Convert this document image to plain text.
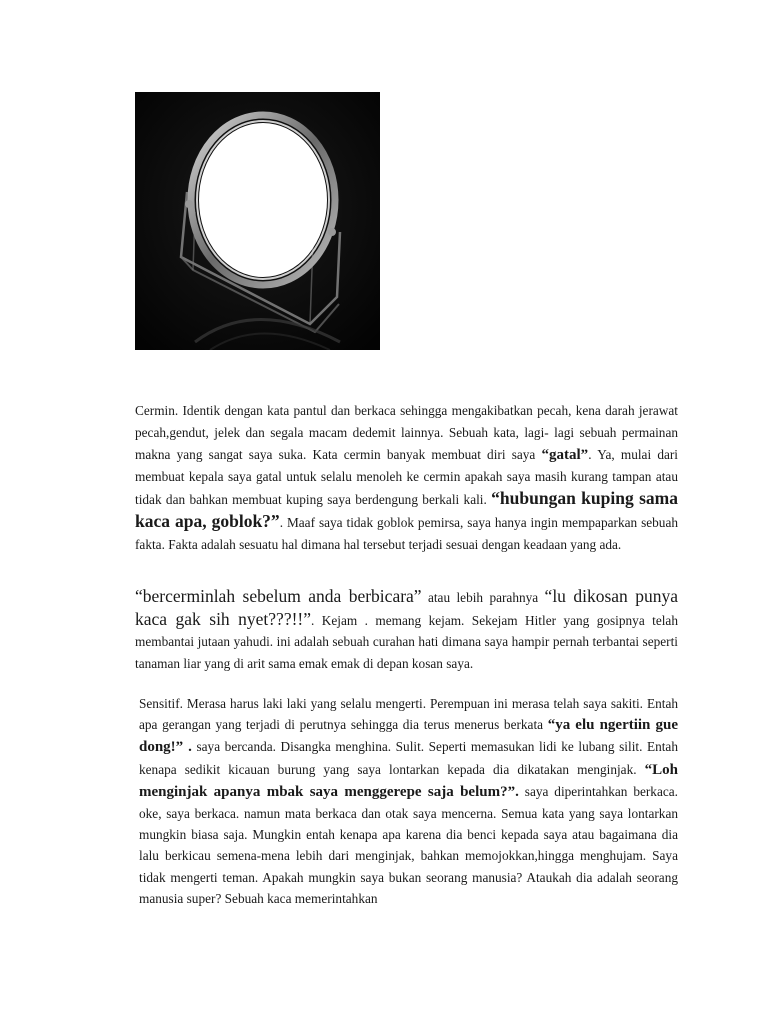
Cermin. Identik dengan kata pantul dan berkaca sehingga mengakibatkan pecah, kena darah jerawat pecah,gendut, jelek dan segala macam dedemit lainnya. Sebuah kata, lagi- lagi sebuah permainan makna yang sangat saya suka. Kata cermin banyak membuat diri saya “gatal”. Ya, mulai dari membuat kepala saya gatal untuk selalu menoleh ke cermin apakah saya masih kurang tampan atau tidak dan bahkan membuat kuping saya berdengung berkali kali. “hubungan kuping sama kaca apa, goblok?”. Maaf saya tidak goblok pemirsa, saya hanya ingin mempaparkan sebuah fakta. Fakta adalah sesuatu hal dimana hal tersebut terjadi sesuai dengan keadaan yang ada.

“bercerminlah sebelum anda berbicara” atau lebih parahnya “lu dikosan punya kaca gak sih nyet???!!”. Kejam . memang kejam. Sekejam Hitler yang gosipnya telah membantai jutaan yahudi. ini adalah sebuah curahan hati dimana saya hampir pernah terbantai seperti tanaman liar yang di arit sama emak emak di depan kosan saya.

Sensitif. Merasa harus laki laki yang selalu mengerti. Perempuan ini merasa telah saya sakiti. Entah apa gerangan yang terjadi di perutnya sehingga dia terus menerus berkata “ya elu ngertiin gue dong!” . saya bercanda. Disangka menghina. Sulit. Seperti memasukan lidi ke lubang silit. Entah kenapa sedikit kicauan burung yang saya lontarkan kepada dia dikatakan menginjak. “Loh menginjak apanya mbak saya menggerepe saja belum?”. saya diperintahkan berkaca. oke, saya berkaca. namun mata berkaca dan otak saya mencerna. Semua kata yang saya lontarkan mungkin biasa saja. Mungkin entah kenapa apa karena dia benci kepada saya atau bagaimana dia lalu berkicau semena-mena lebih dari menginjak, bahkan memojokkan,hingga menghujam. Saya tidak mengerti teman. Apakah mungkin saya bukan seorang manusia? Ataukah dia adalah seorang manusia super? Sebuah kaca memerintahkan
